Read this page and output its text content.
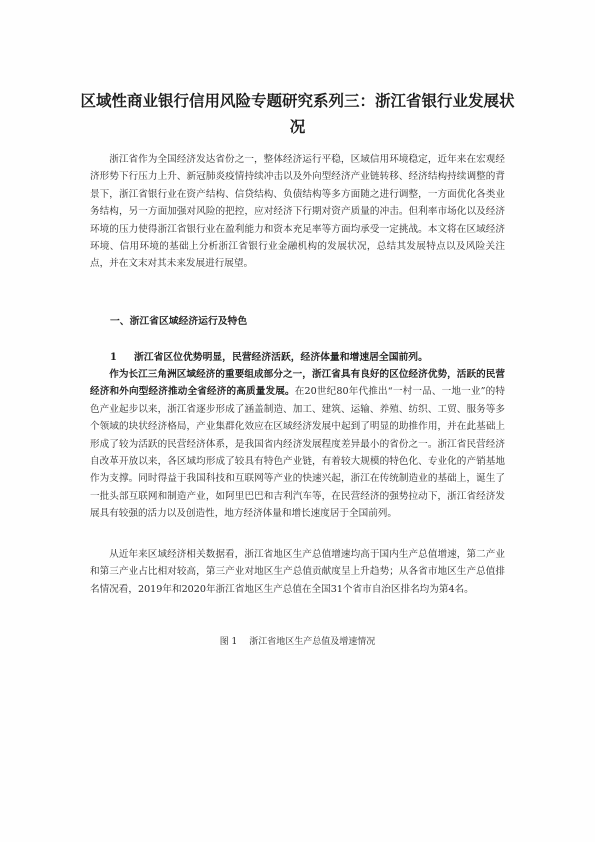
区域性商业银行信用风险专题研究系列三：浙江省银行业发展状况

浙江省作为全国经济发达省份之一，整体经济运行平稳，区域信用环境稳定，近年来在宏观经济形势下行压力上升、新冠肺炎疫情持续冲击以及外向型经济产业链转移、经济结构持续调整的背景下，浙江省银行业在资产结构、信贷结构、负债结构等多方面随之进行调整，一方面优化各类业务结构，另一方面加强对风险的把控，应对经济下行期对资产质量的冲击。但利率市场化以及经济环境的压力使得浙江省银行业在盈利能力和资本充足率等方面均承受一定挑战。本文将在区域经济环境、信用环境的基础上分析浙江省银行业金融机构的发展状况，总结其发展特点以及风险关注点，并在文末对其未来发展进行展望。

一、浙江省区域经济运行及特色
1 浙江省区位优势明显，民营经济活跃，经济体量和增速居全国前列。

作为长江三角洲区域经济的重要组成部分之一，浙江省具有良好的区位经济优势，活跃的民营经济和外向型经济推动全省经济的高质量发展。在20世纪80年代推出“一村一品、一地一业”的特色产业起步以来，浙江省逐步形成了涵盖制造、加工、建筑、运输、养殖、纺织、工贸、服务等多个领域的块状经济格局，产业集群化效应在区域经济发展中起到了明显的助推作用，并在此基础上形成了较为活跃的民营经济体系，是我国省内经济发展程度差异最小的省份之一。浙江省民营经济自改革开放以来，各区域均形成了较具有特色产业链，有着较大规模的特色化、专业化的产销基地作为支撑。同时得益于我国科技和互联网等产业的快速兴起，浙江在传统制造业的基础上，诞生了一批头部互联网和制造产业，如阿里巴巴和吉利汽车等，在民营经济的强势拉动下，浙江省经济发展具有较强的活力以及创造性，地方经济体量和增长速度居于全国前列。

从近年来区域经济相关数据看，浙江省地区生产总值增速均高于国内生产总值增速，第二产业和第三产业占比相对较高，第三产业对地区生产总值贡献度呈上升趋势；从各省市地区生产总值排名情况看，2019年和2020年浙江省地区生产总值在全国31个省市自治区排名均为第4名。

图 1 浙江省地区生产总值及增速情况
